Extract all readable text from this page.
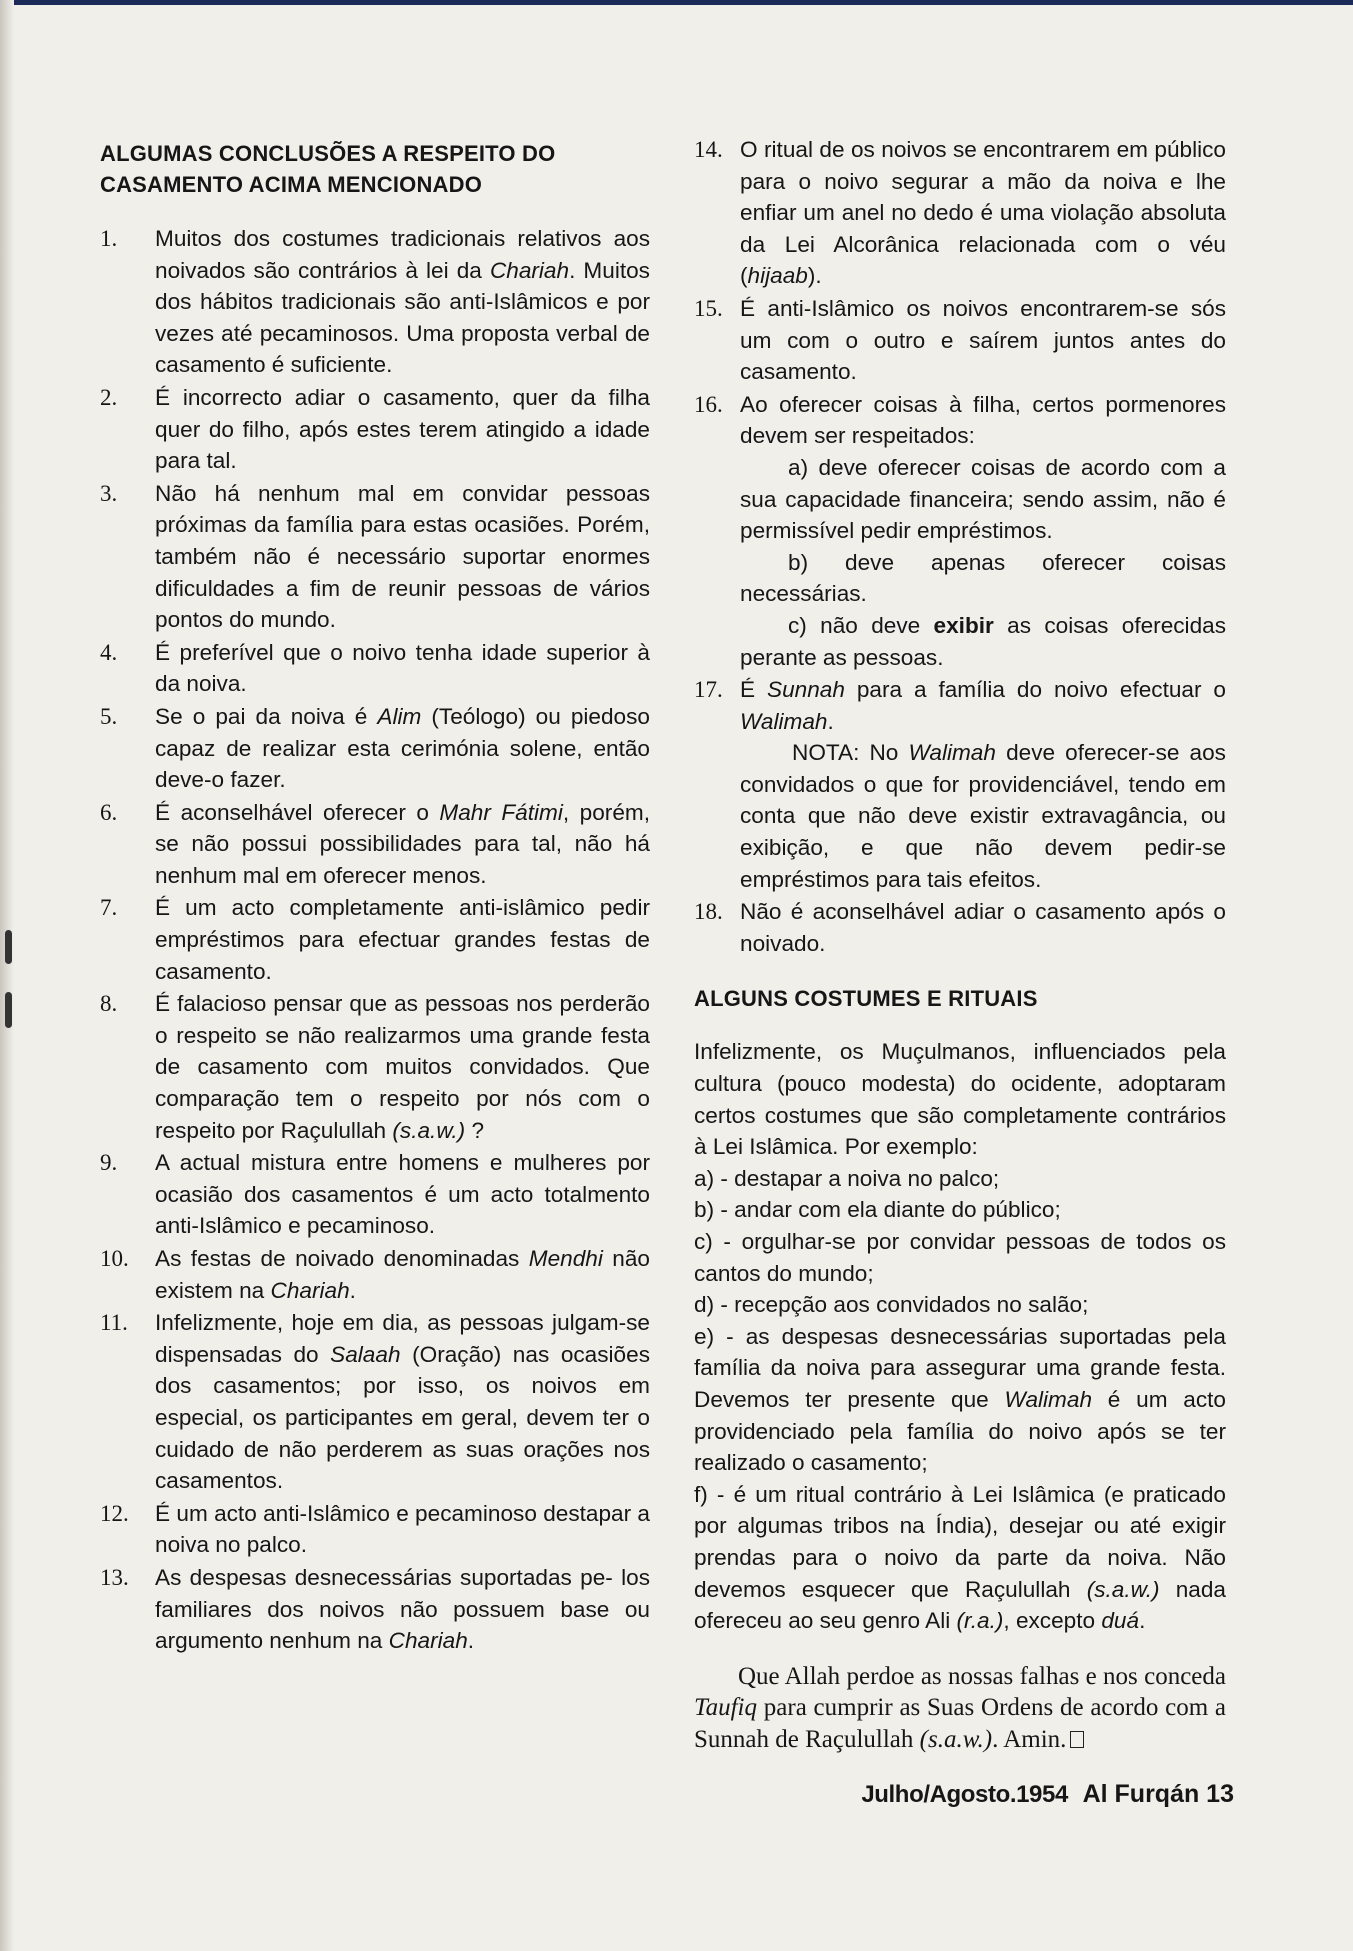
ALGUMAS CONCLUSÕES A RESPEITO DO CASAMENTO ACIMA MENCIONADO
1. Muitos dos costumes tradicionais relativos aos noivados são contrários à lei da Chariah. Muitos dos hábitos tradicionais são anti-Islâmicos e por vezes até pecaminosos. Uma proposta verbal de casamento é suficiente.
2. É incorrecto adiar o casamento, quer da filha quer do filho, após estes terem atingido a idade para tal.
3. Não há nenhum mal em convidar pessoas próximas da família para estas ocasiões. Porém, também não é necessário suportar enormes dificuldades a fim de reunir pessoas de vários pontos do mundo.
4. É preferível que o noivo tenha idade superior à da noiva.
5. Se o pai da noiva é Alim (Teólogo) ou piedoso capaz de realizar esta cerimónia solene, então deve-o fazer.
6. É aconselhável oferecer o Mahr Fátimi, porém, se não possui possibilidades para tal, não há nenhum mal em oferecer menos.
7. É um acto completamente anti-islâmico pedir empréstimos para efectuar grandes festas de casamento.
8. É falacioso pensar que as pessoas nos perderão o respeito se não realizarmos uma grande festa de casamento com muitos convidados. Que comparação tem o respeito por nós com o respeito por Raçulullah (s.a.w.) ?
9. A actual mistura entre homens e mulheres por ocasião dos casamentos é um acto totalmento anti-Islâmico e pecaminoso.
10. As festas de noivado denominadas Mendhi não existem na Chariah.
11. Infelizmente, hoje em dia, as pessoas julgam-se dispensadas do Salaah (Oração) nas ocasiões dos casamentos; por isso, os noivos em especial, os participantes em geral, devem ter o cuidado de não perderem as suas orações nos casamentos.
12. É um acto anti-Islâmico e pecaminoso destapar a noiva no palco.
13. As despesas desnecessárias suportadas pe- los familiares dos noivos não possuem base ou argumento nenhum na Chariah.
14. O ritual de os noivos se encontrarem em público para o noivo segurar a mão da noiva e lhe enfiar um anel no dedo é uma violação absoluta da Lei Alcorânica relacionada com o véu (hijaab).
15. É anti-Islâmico os noivos encontrarem-se sós um com o outro e saírem juntos antes do casamento.
16. Ao oferecer coisas à filha, certos pormenores devem ser respeitados:

a) deve oferecer coisas de acordo com a sua capacidade financeira; sendo assim, não é permissível pedir empréstimos.

b) deve apenas oferecer coisas necessárias.

c) não deve exibir as coisas oferecidas perante as pessoas.

17. É Sunnah para a família do noivo efectuar o Walimah.

NOTA: No Walimah deve oferecer-se aos convidados o que for providenciável, tendo em conta que não deve existir extravagância, ou exibição, e que não devem pedir-se empréstimos para tais efeitos.

18. Não é aconselhável adiar o casamento após o noivado.
ALGUNS COSTUMES E RITUAIS

Infelizmente, os Muçulmanos, influenciados pela cultura (pouco modesta) do ocidente, adoptaram certos costumes que são completamente contrários à Lei Islâmica. Por exemplo:

a) - destapar a noiva no palco;

b) - andar com ela diante do público;

c) - orgulhar-se por convidar pessoas de todos os cantos do mundo;

d) - recepção aos convidados no salão;

e) - as despesas desnecessárias suportadas pela família da noiva para assegurar uma grande festa. Devemos ter presente que Walimah é um acto providenciado pela família do noivo após se ter realizado o casamento;

f) - é um ritual contrário à Lei Islâmica (e praticado por algumas tribos na Índia), desejar ou até exigir prendas para o noivo da parte da noiva. Não devemos esquecer que Raçulullah (s.a.w.) nada ofereceu ao seu genro Ali (r.a.), excepto duá.

Que Allah perdoe as nossas falhas e nos conceda Taufiq para cumprir as Suas Ordens de acordo com a Sunnah de Raçulullah (s.a.w.). Amin.

Julho/Agosto.1954 Al Furqán 13
